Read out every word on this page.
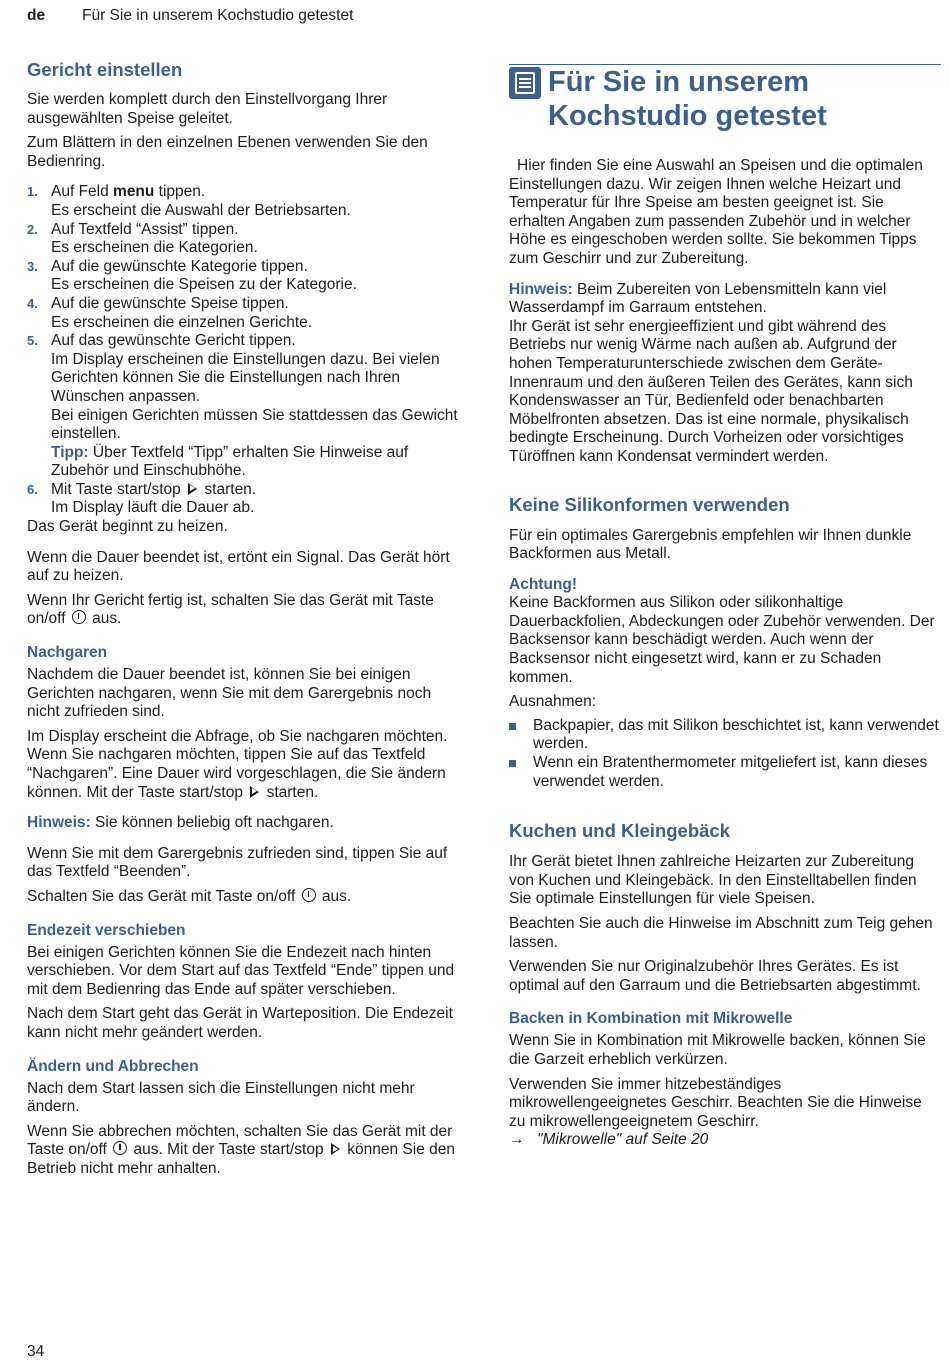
de Für Sie in unserem Kochstudio getestet
Gericht einstellen

Sie werden komplett durch den Einstellvorgang Ihrer ausgewählten Speise geleitet.

Zum Blättern in den einzelnen Ebenen verwenden Sie den Bedienring.

1. Auf Feld menu tippen.
Es erscheint die Auswahl der Betriebsarten.
2. Auf Textfeld “Assist” tippen.
Es erscheinen die Kategorien.
3. Auf die gewünschte Kategorie tippen.
Es erscheinen die Speisen zu der Kategorie.
4. Auf die gewünschte Speise tippen.
Es erscheinen die einzelnen Gerichte.
5. Auf das gewünschte Gericht tippen.
Im Display erscheinen die Einstellungen dazu. Bei vielen Gerichten können Sie die Einstellungen nach Ihren Wünschen anpassen.
Bei einigen Gerichten müssen Sie stattdessen das Gewicht einstellen.
Tipp: Über Textfeld “Tipp” erhalten Sie Hinweise auf Zubehör und Einschubhöhe.
6. Mit Taste start/stop starten.
Im Display läuft die Dauer ab.

Das Gerät beginnt zu heizen.

Wenn die Dauer beendet ist, ertönt ein Signal. Das Gerät hört auf zu heizen.

Wenn Ihr Gericht fertig ist, schalten Sie das Gerät mit Taste on/off aus.

Nachgaren

Nachdem die Dauer beendet ist, können Sie bei einigen Gerichten nachgaren, wenn Sie mit dem Garergebnis noch nicht zufrieden sind.

Im Display erscheint die Abfrage, ob Sie nachgaren möchten. Wenn Sie nachgaren möchten, tippen Sie auf das Textfeld “Nachgaren”. Eine Dauer wird vorgeschlagen, die Sie ändern können. Mit der Taste start/stop starten.

Hinweis: Sie können beliebig oft nachgaren.

Wenn Sie mit dem Garergebnis zufrieden sind, tippen Sie auf das Textfeld “Beenden”.

Schalten Sie das Gerät mit Taste on/off aus.

Endezeit verschieben

Bei einigen Gerichten können Sie die Endezeit nach hinten verschieben. Vor dem Start auf das Textfeld “Ende” tippen und mit dem Bedienring das Ende auf später verschieben.

Nach dem Start geht das Gerät in Warteposition. Die Endezeit kann nicht mehr geändert werden.

Ändern und Abbrechen

Nach dem Start lassen sich die Einstellungen nicht mehr ändern.

Wenn Sie abbrechen möchten, schalten Sie das Gerät mit der Taste on/off aus. Mit der Taste start/stop können Sie den Betrieb nicht mehr anhalten.

Für Sie in unserem Kochstudio getestet

Hier finden Sie eine Auswahl an Speisen und die optimalen Einstellungen dazu. Wir zeigen Ihnen welche Heizart und Temperatur für Ihre Speise am besten geeignet ist. Sie erhalten Angaben zum passenden Zubehör und in welcher Höhe es eingeschoben werden sollte. Sie bekommen Tipps zum Geschirr und zur Zubereitung.

Hinweis: Beim Zubereiten von Lebensmitteln kann viel Wasserdampf im Garraum entstehen.

Ihr Gerät ist sehr energieeffizient und gibt während des Betriebs nur wenig Wärme nach außen ab. Aufgrund der hohen Temperaturunterschiede zwischen dem Geräte-Innenraum und den äußeren Teilen des Gerätes, kann sich Kondenswasser an Tür, Bedienfeld oder benachbarten Möbelfronten absetzen. Das ist eine normale, physikalisch bedingte Erscheinung. Durch Vorheizen oder vorsichtiges Türöffnen kann Kondensat vermindert werden.

Keine Silikonformen verwenden

Für ein optimales Garergebnis empfehlen wir Ihnen dunkle Backformen aus Metall.

Achtung!

Keine Backformen aus Silikon oder silikonhaltige Dauerbackfolien, Abdeckungen oder Zubehör verwenden. Der Backsensor kann beschädigt werden. Auch wenn der Backsensor nicht eingesetzt wird, kann er zu Schaden kommen.

Ausnahmen:

Backpapier, das mit Silikon beschichtet ist, kann verwendet werden.
Wenn ein Bratenthermometer mitgeliefert ist, kann dieses verwendet werden.
Kuchen und Kleingebäck

Ihr Gerät bietet Ihnen zahlreiche Heizarten zur Zubereitung von Kuchen und Kleingebäck. In den Einstelltabellen finden Sie optimale Einstellungen für viele Speisen.

Beachten Sie auch die Hinweise im Abschnitt zum Teig gehen lassen.

Verwenden Sie nur Originalzubehör Ihres Gerätes. Es ist optimal auf den Garraum und die Betriebsarten abgestimmt.

Backen in Kombination mit Mikrowelle

Wenn Sie in Kombination mit Mikrowelle backen, können Sie die Garzeit erheblich verkürzen.

Verwenden Sie immer hitzebeständiges mikrowellengeeignetes Geschirr. Beachten Sie die Hinweise zu mikrowellengeeignetem Geschirr.

→ "Mikrowelle" auf Seite 20

34
